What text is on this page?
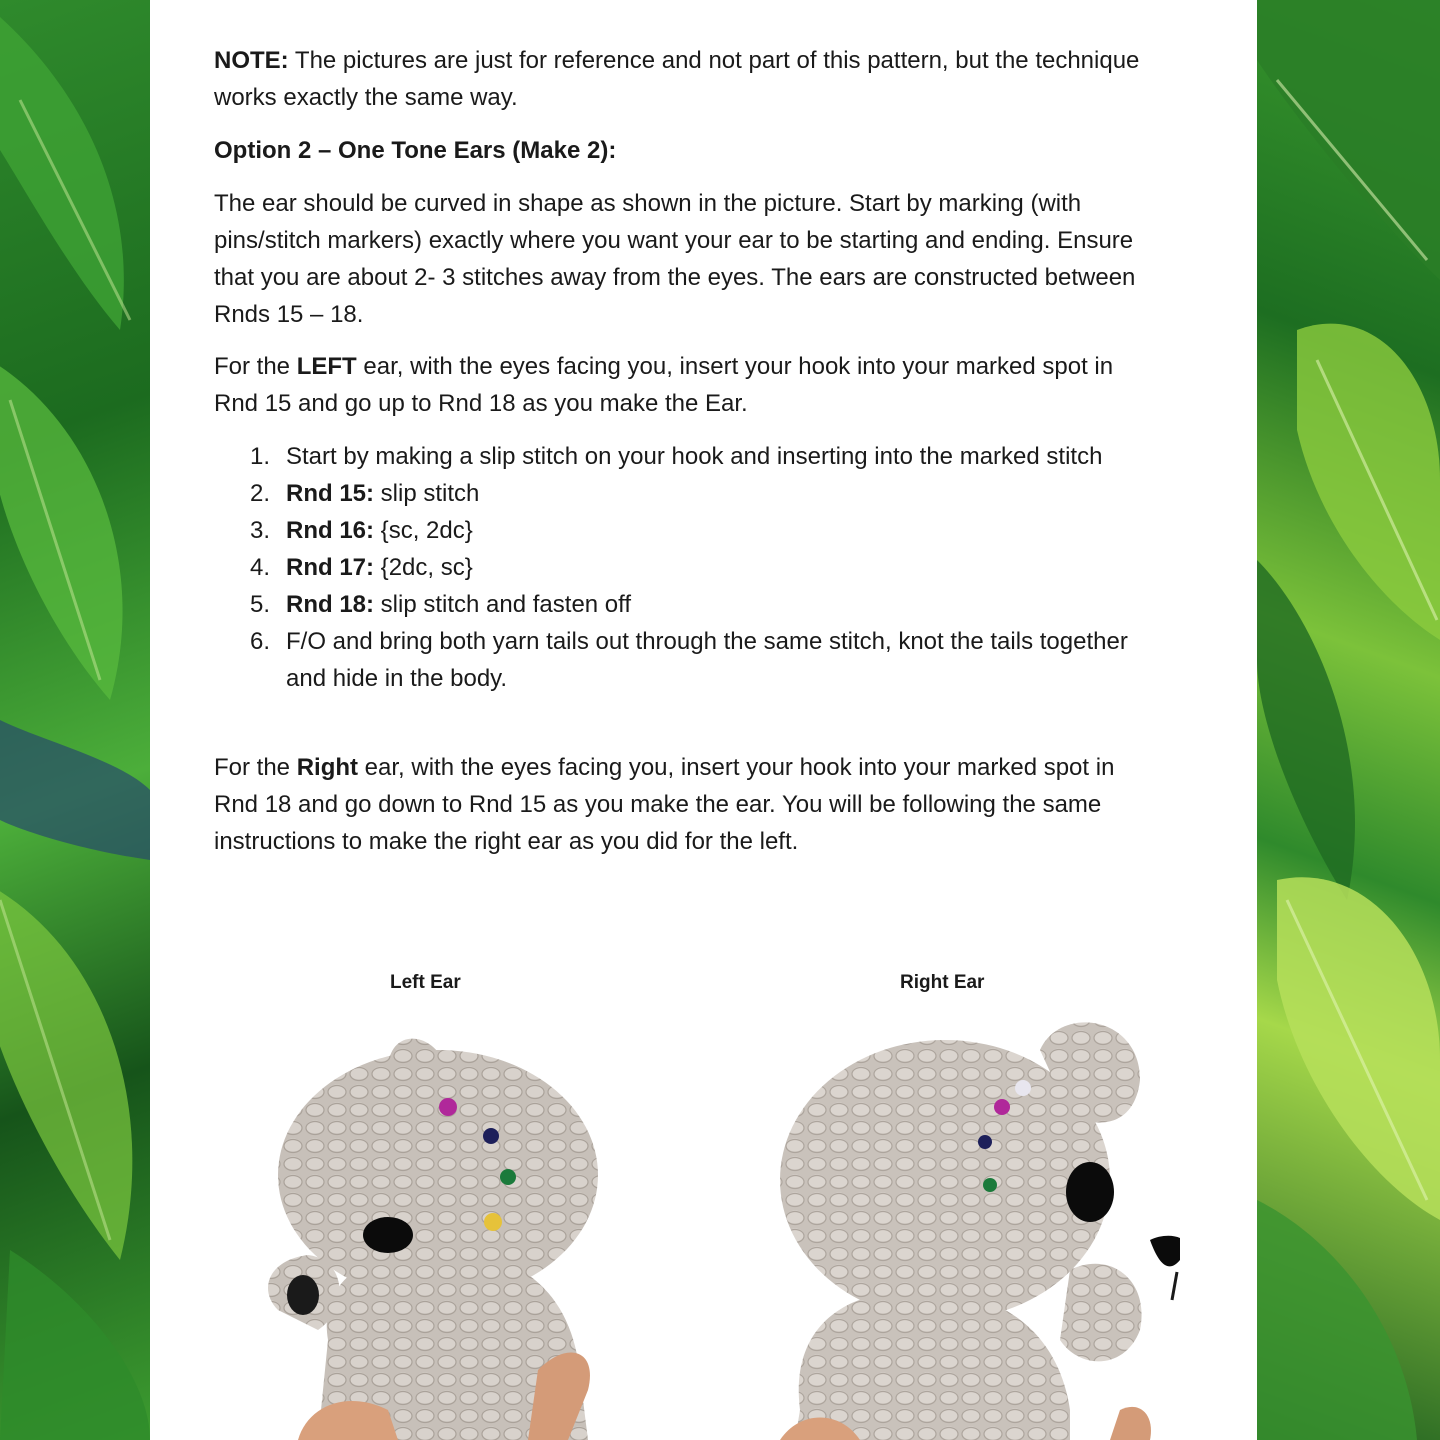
NOTE: The pictures are just for reference and not part of this pattern, but the technique works exactly the same way.

Option 2 – One Tone Ears (Make 2):

The ear should be curved in shape as shown in the picture. Start by marking (with pins/stitch markers) exactly where you want your ear to be starting and ending. Ensure that you are about 2- 3 stitches away from the eyes. The ears are constructed between Rnds 15 – 18.

For the LEFT ear, with the eyes facing you, insert your hook into your marked spot in Rnd 15 and go up to Rnd 18 as you make the Ear.

1. Start by making a slip stitch on your hook and inserting into the marked stitch
2. Rnd 15: slip stitch
3. Rnd 16: {sc, 2dc}
4. Rnd 17: {2dc, sc}
5. Rnd 18: slip stitch and fasten off
6. F/O and bring both yarn tails out through the same stitch, knot the tails together and hide in the body.

For the Right ear, with the eyes facing you, insert your hook into your marked spot in Rnd 18 and go down to Rnd 15 as you make the ear. You will be following the same instructions to make the right ear as you did for the left.

Left Ear	Right Ear
